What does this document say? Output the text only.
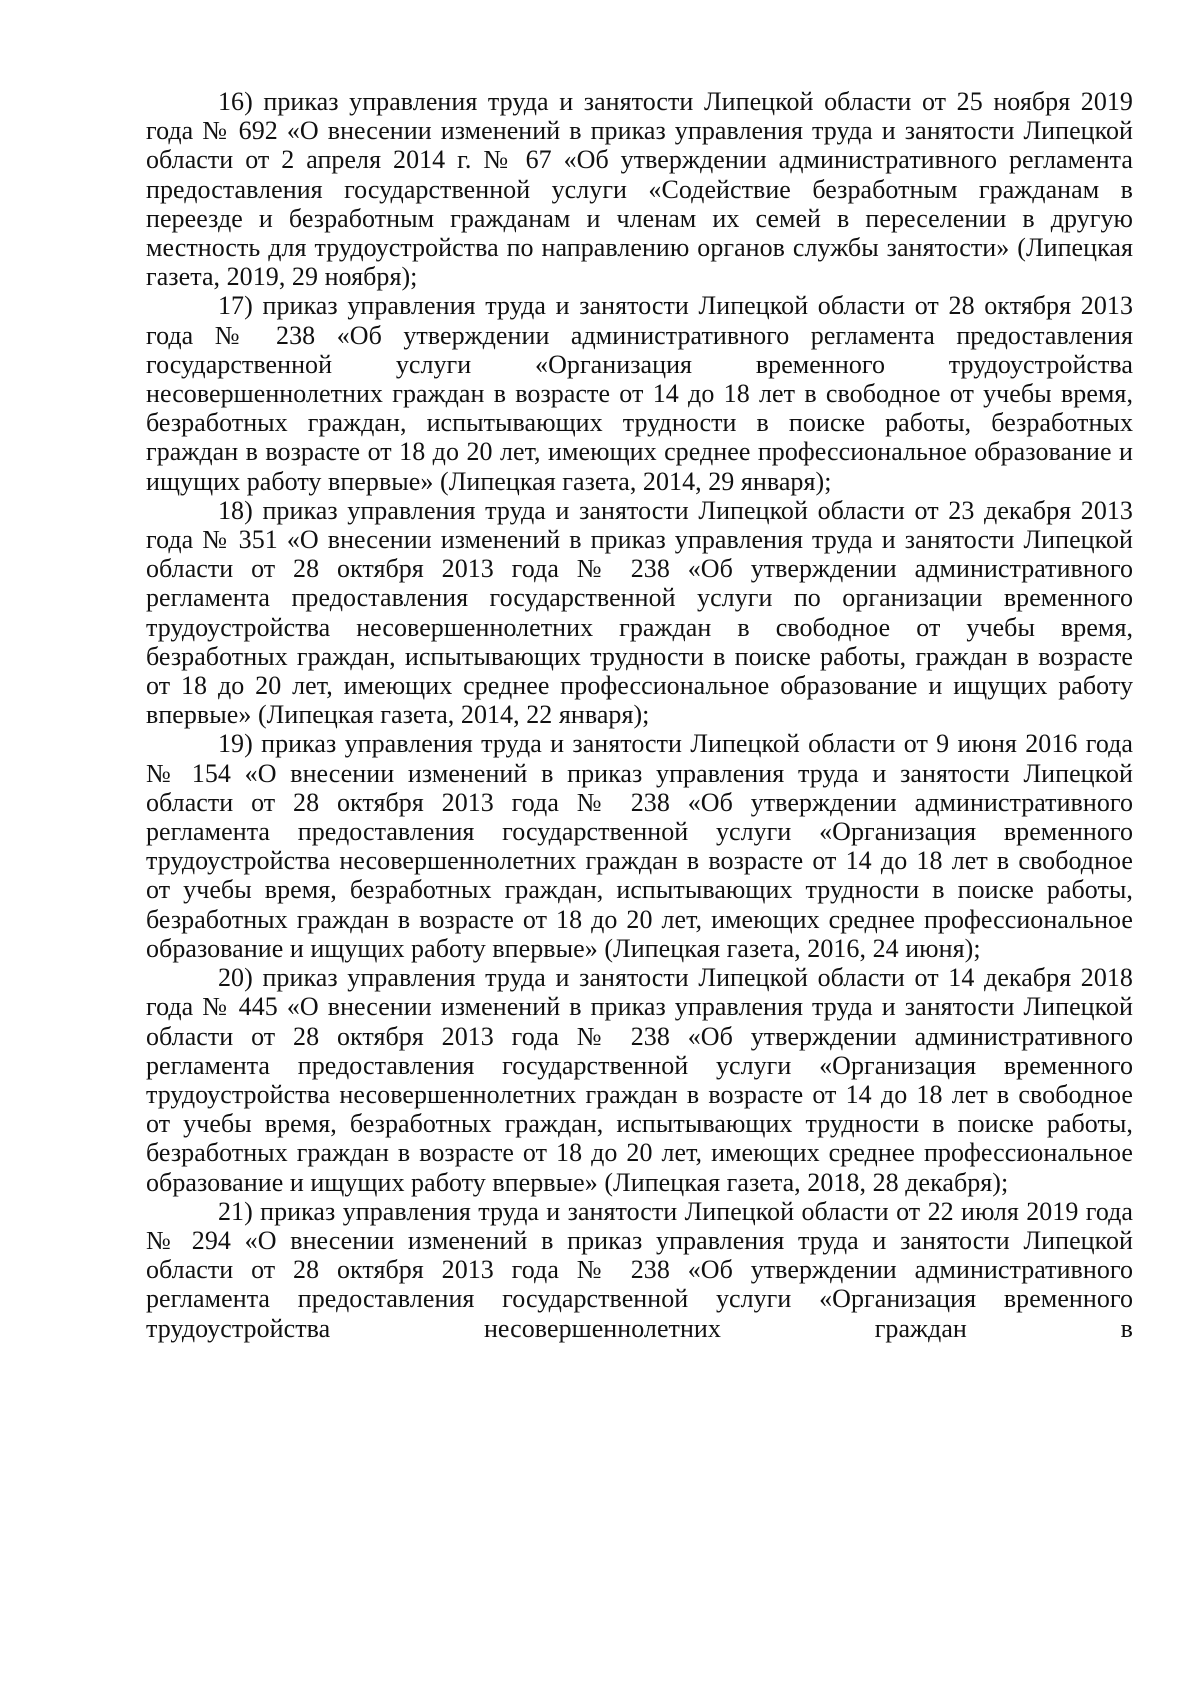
16) приказ управления труда и занятости Липецкой области от 25 ноября 2019 года № 692 «О внесении изменений в приказ управления труда и занятости Липецкой области от 2 апреля 2014 г. № 67 «Об утверждении административного регламента предоставления государственной услуги «Содействие безработным гражданам в переезде и безработным гражданам и членам их семей в переселении в другую местность для трудоустройства по направлению органов службы занятости» (Липецкая газета, 2019, 29 ноября);

17) приказ управления труда и занятости Липецкой области от 28 октября 2013 года № 238 «Об утверждении административного регламента предоставления государственной услуги «Организация временного трудоустройства несовершеннолетних граждан в возрасте от 14 до 18 лет в свободное от учебы время, безработных граждан, испытывающих трудности в поиске работы, безработных граждан в возрасте от 18 до 20 лет, имеющих среднее профессиональное образование и ищущих работу впервые» (Липецкая газета, 2014, 29 января);

18) приказ управления труда и занятости Липецкой области от 23 декабря 2013 года № 351 «О внесении изменений в приказ управления труда и занятости Липецкой области от 28 октября 2013 года № 238 «Об утверждении административного регламента предоставления государственной услуги по организации временного трудоустройства несовершеннолетних граждан в свободное от учебы время, безработных граждан, испытывающих трудности в поиске работы, граждан в возрасте от 18 до 20 лет, имеющих среднее профессиональное образование и ищущих работу впервые» (Липецкая газета, 2014, 22 января);

19) приказ управления труда и занятости Липецкой области от 9 июня 2016 года № 154 «О внесении изменений в приказ управления труда и занятости Липецкой области от 28 октября 2013 года № 238 «Об утверждении административного регламента предоставления государственной услуги «Организация временного трудоустройства несовершеннолетних граждан в возрасте от 14 до 18 лет в свободное от учебы время, безработных граждан, испытывающих трудности в поиске работы, безработных граждан в возрасте от 18 до 20 лет, имеющих среднее профессиональное образование и ищущих работу впервые» (Липецкая газета, 2016, 24 июня);

20) приказ управления труда и занятости Липецкой области от 14 декабря 2018 года № 445 «О внесении изменений в приказ управления труда и занятости Липецкой области от 28 октября 2013 года № 238 «Об утверждении административного регламента предоставления государственной услуги «Организация временного трудоустройства несовершеннолетних граждан в возрасте от 14 до 18 лет в свободное от учебы время, безработных граждан, испытывающих трудности в поиске работы, безработных граждан в возрасте от 18 до 20 лет, имеющих среднее профессиональное образование и ищущих работу впервые» (Липецкая газета, 2018, 28 декабря);

21) приказ управления труда и занятости Липецкой области от 22 июля 2019 года № 294 «О внесении изменений в приказ управления труда и занятости Липецкой области от 28 октября 2013 года № 238 «Об утверждении административного регламента предоставления государственной услуги «Организация временного трудоустройства несовершеннолетних граждан в
